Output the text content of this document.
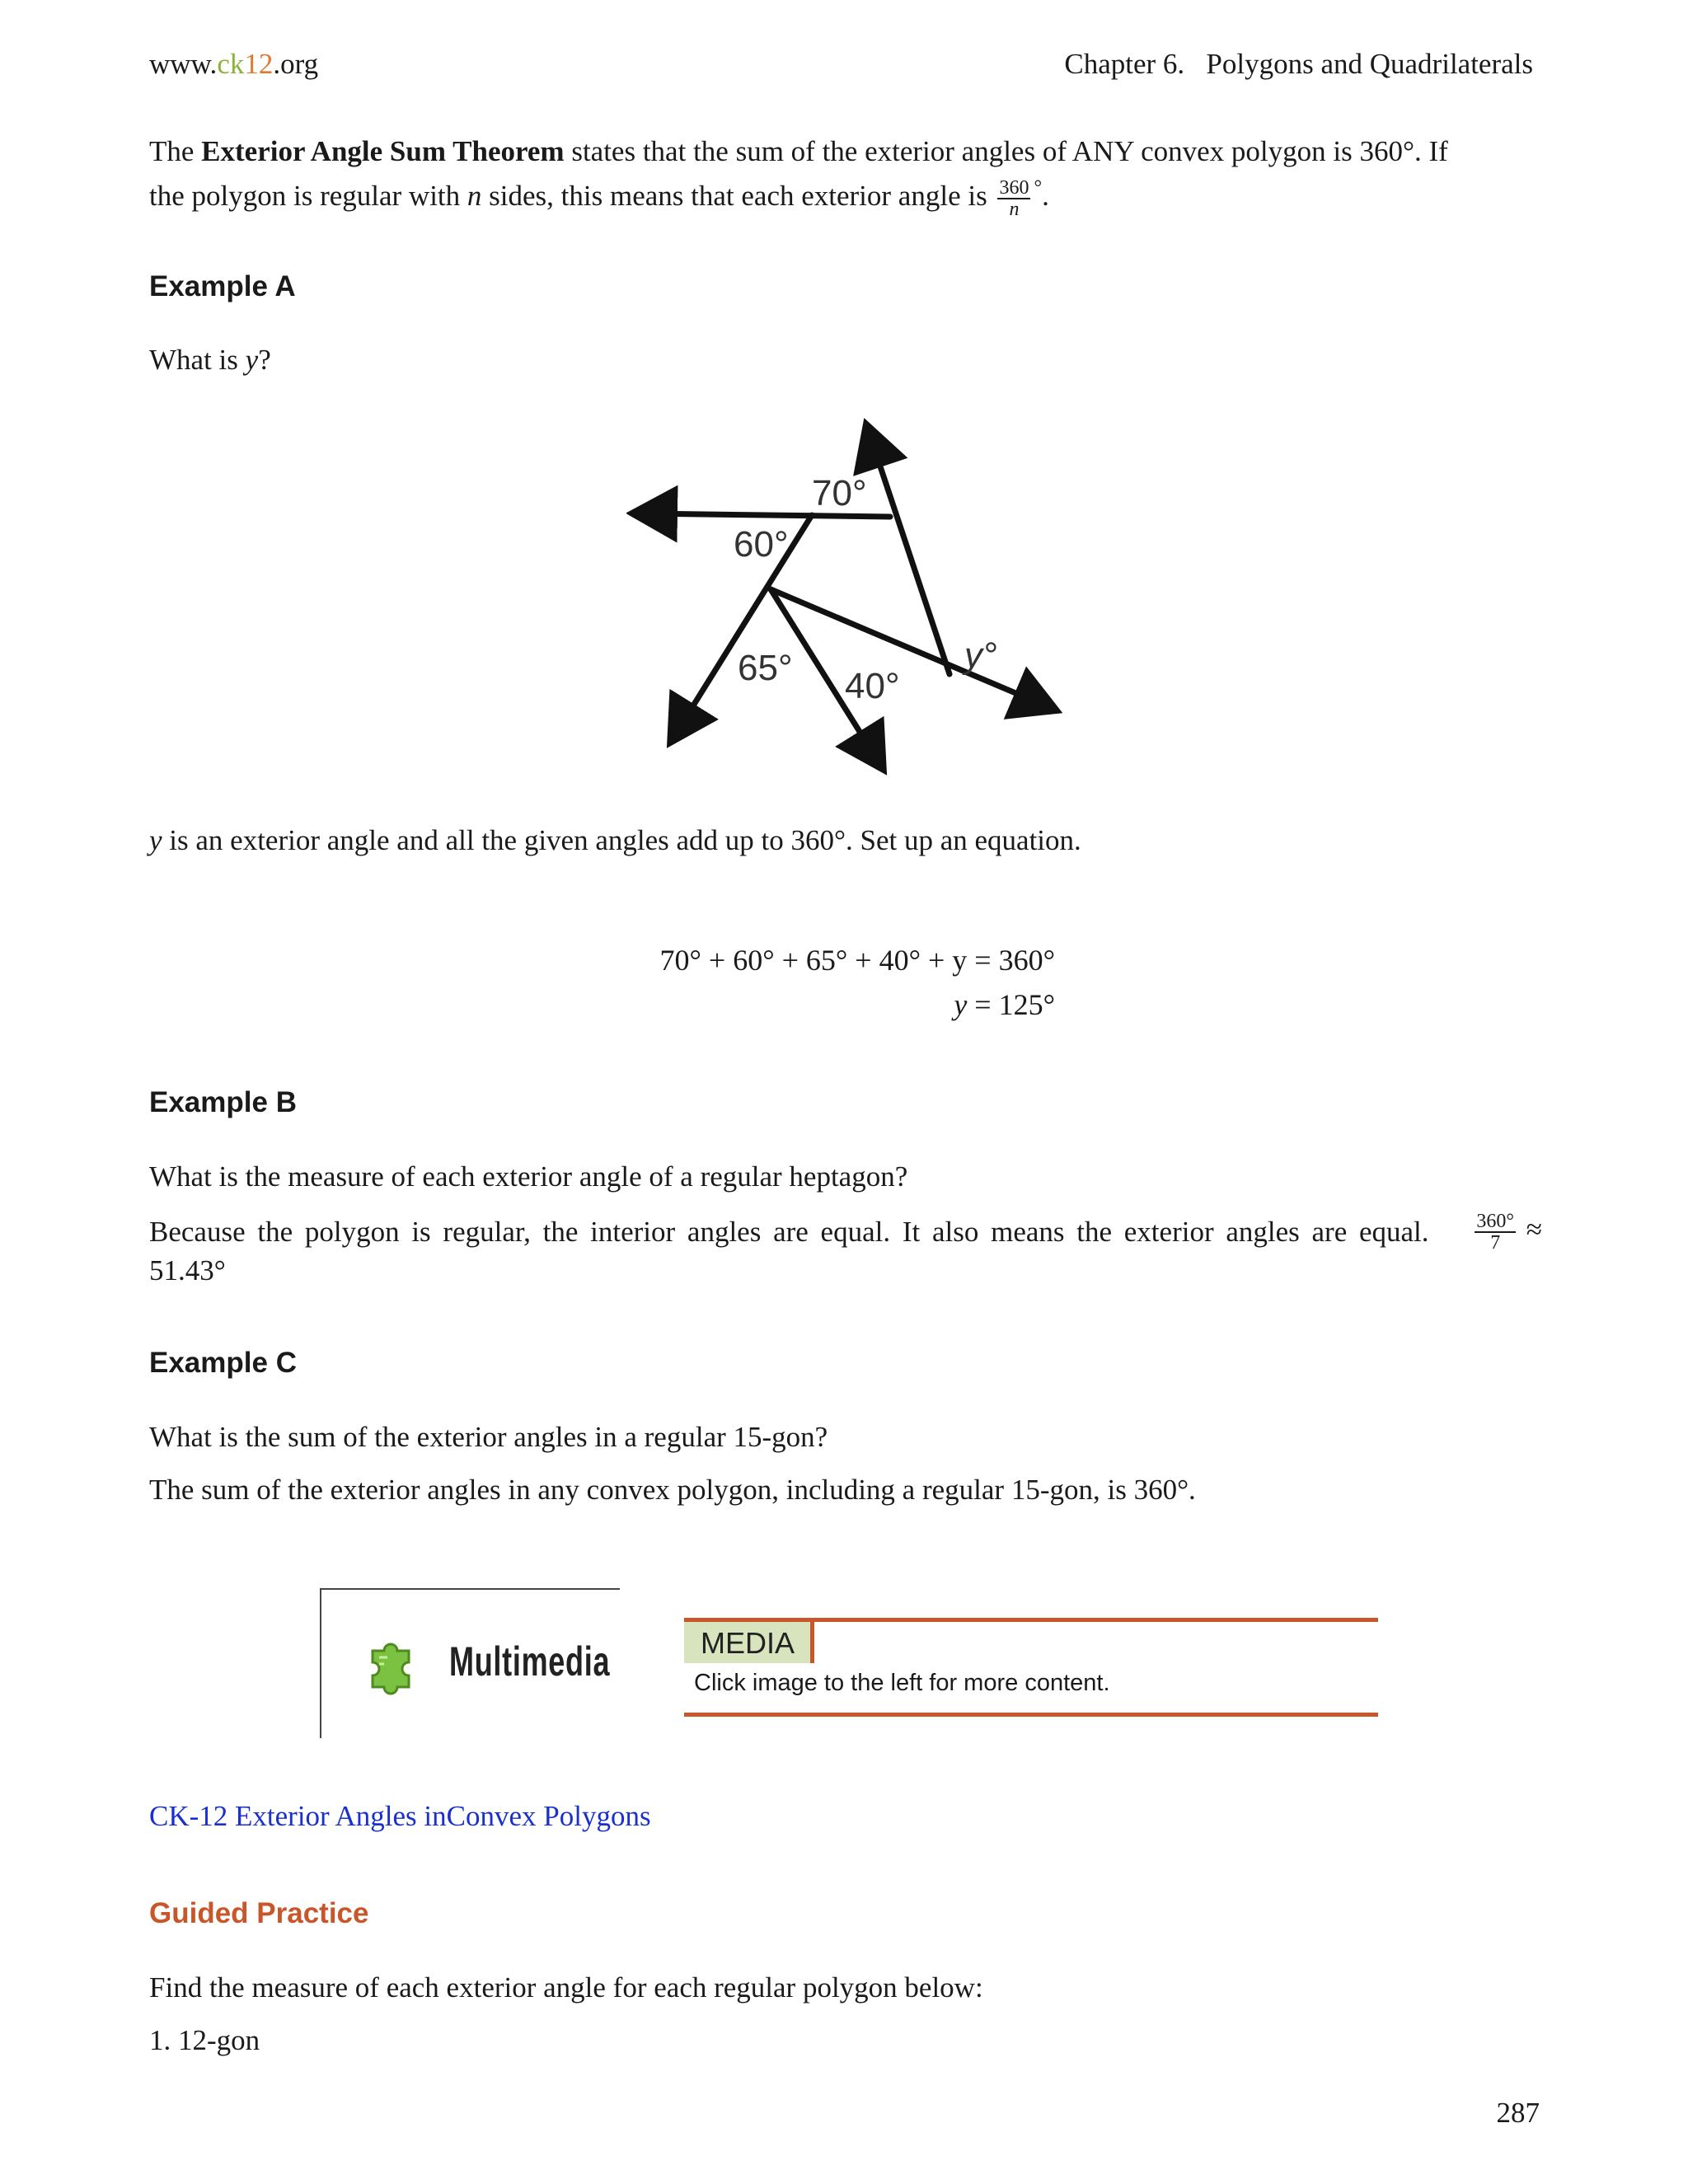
www.ck12.org	Chapter 6.   Polygons and Quadrilaterals
The Exterior Angle Sum Theorem states that the sum of the exterior angles of ANY convex polygon is 360°. If
the polygon is regular with n sides, this means that each exterior angle is $\frac{360}{n} ^\circ$.
Example A
What is y?
70°
60°
65° 40°
y°
y is an exterior angle and all the given angles add up to 360°. Set up an equation.
70° + 60° + 65° + 40° + y
= 360°
y
= 125°
Example B
What is the measure of each exterior angle of a regular heptagon?
Because the polygon is regular, the interior angles are equal. It also means the exterior angles are equal. $\frac{360^\circ}{7}$ ≈
51.43°
Example C
What is the sum of the exterior angles in a regular 15-gon?
The sum of the exterior angles in any convex polygon, including a regular 15-gon, is 360°.
Multimedia	MEDIA
Click image to the left for more content.
CK-12 Exterior Angles inConvex Polygons
Guided Practice
Find the measure of each exterior angle for each regular polygon below:
1. 12-gon
287
